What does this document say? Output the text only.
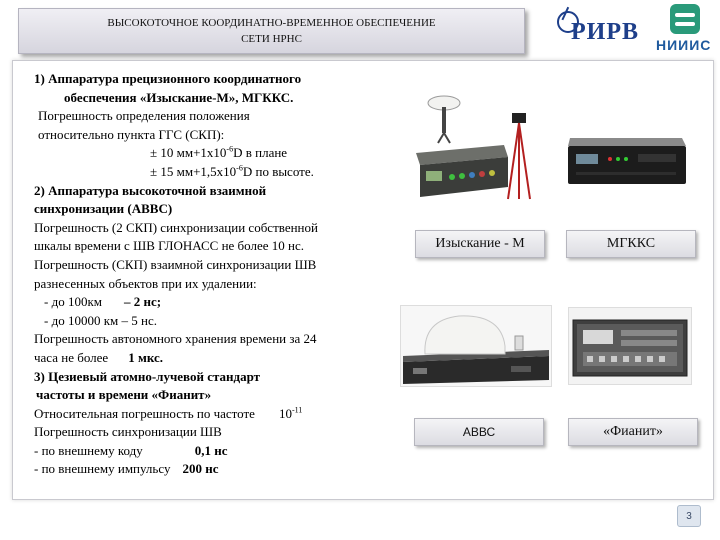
ВЫСОКОТОЧНОЕ КООРДИНАТНО-ВРЕМЕННОЕ ОБЕСПЕЧЕНИЕ
СЕТИ НРНС	РИРВ НИИИС
1) Аппаратура прецизионного координатного
обеспечения «Изыскание-М», МГККС.
Погрешность определения положения
относительно пункта ГГС (СКП):
± 10 $мм+1х10^{-6}D$ в плане
± 15 $мм+1,5х10^{-6}D$ по высоте.
2) Аппаратура высокоточной взаимной
синхронизации (АВВС)
Погрешность (2 СКП) синхронизации собственной
шкалы времени с ШВ ГЛОНАСС не более 10 нс.
Погрешность (СКП) взаимной синхронизации ШВ
разнесенных объектов при их удалении:
- до 100км – 2 нс;
- до 10000 км – 5 нс.
Погрешность автономного хранения времени за 24
часа не более 1 мкс.
3) Цезиевый атомно-лучевой стандарт
частоты и времени «Фианит»
Относительная погрешность по частоте $10^{-11}$
Погрешность синхронизации ШВ
- по внешнему коду	0,1 нс
- по внешнему импульсу 200 нс
Изыскание - М	МГККС
АВВС	«Фианит»
3
